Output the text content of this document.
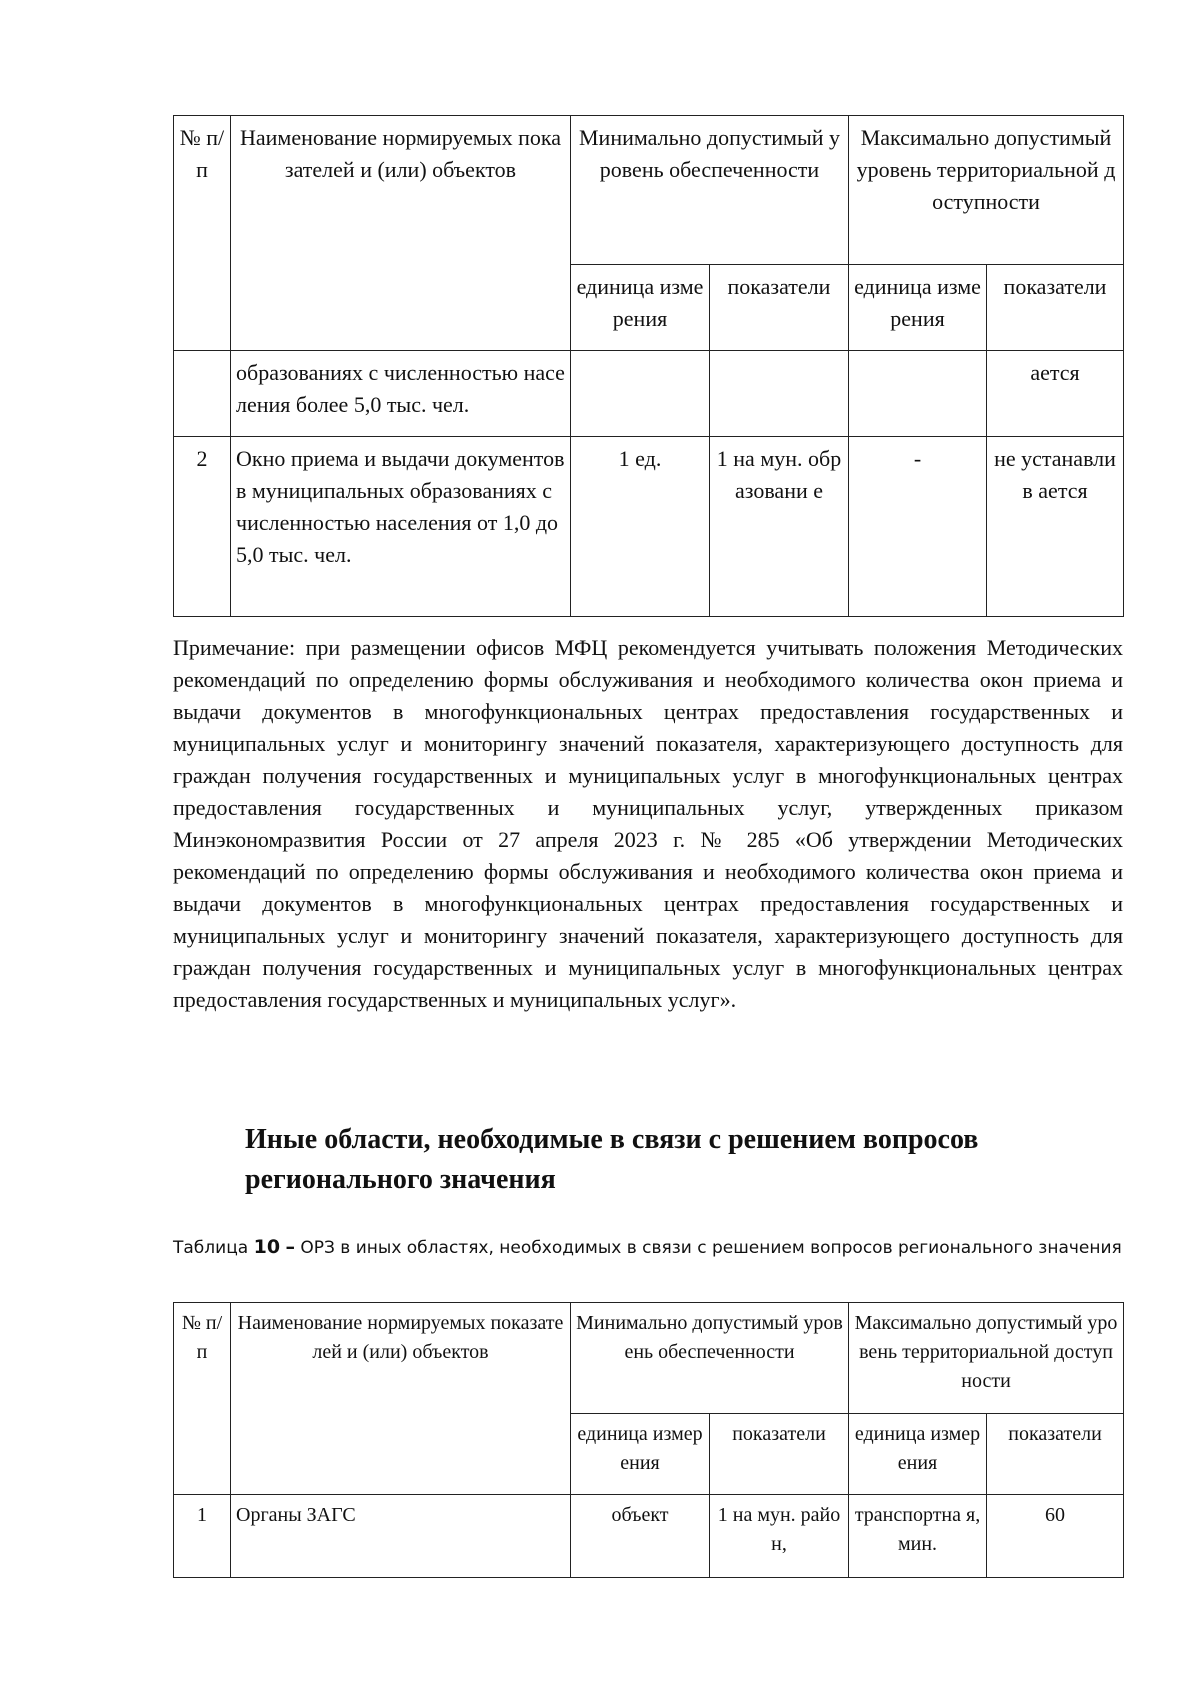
№ п/п	Наименование нормируемых показателей и (или) объектов	Минимально допустимый уровень обеспеченности		Максимально допустимый уровень территориальной доступности	
		единица измерения	показатели	единица измерения	показатели
	образованиях с численностью населения более 5,0 тыс. чел.				ается
2	Окно приема и выдачи документов в муниципальных образованиях с численностью населения от 1,0 до 5,0 тыс. чел.	1 ед.	1 на мун. образовани е	-	не устанавлив ается
Примечание: при размещении офисов МФЦ рекомендуется учитывать положения Методических рекомендаций по определению формы обслуживания и необходимого количества окон приема и выдачи документов в многофункциональных центрах предоставления государственных и муниципальных услуг и мониторингу значений показателя, характеризующего доступность для граждан получения государственных и муниципальных услуг в многофункциональных центрах предоставления государственных и муниципальных услуг, утвержденных приказом Минэкономразвития России от 27 апреля 2023 г. № 285 «Об утверждении Методических рекомендаций по определению формы обслуживания и необходимого количества окон приема и выдачи документов в многофункциональных центрах предоставления государственных и муниципальных услуг и мониторингу значений показателя, характеризующего доступность для граждан получения государственных и муниципальных услуг в многофункциональных центрах предоставления государственных и муниципальных услуг».
Иные области, необходимые в связи с решением вопросов регионального значения
Таблица 10 – ОРЗ в иных областях, необходимых в связи с решением вопросов регионального значения
№ п/п	Наименование нормируемых показателей и (или) объектов	Минимально допустимый уровень обеспеченности		Максимально допустимый уровень территориальной доступности	
		единица измерения	показатели	единица измерения	показатели
1	Органы ЗАГС	объект	1 на мун. район,	транспортна я, мин.	60
